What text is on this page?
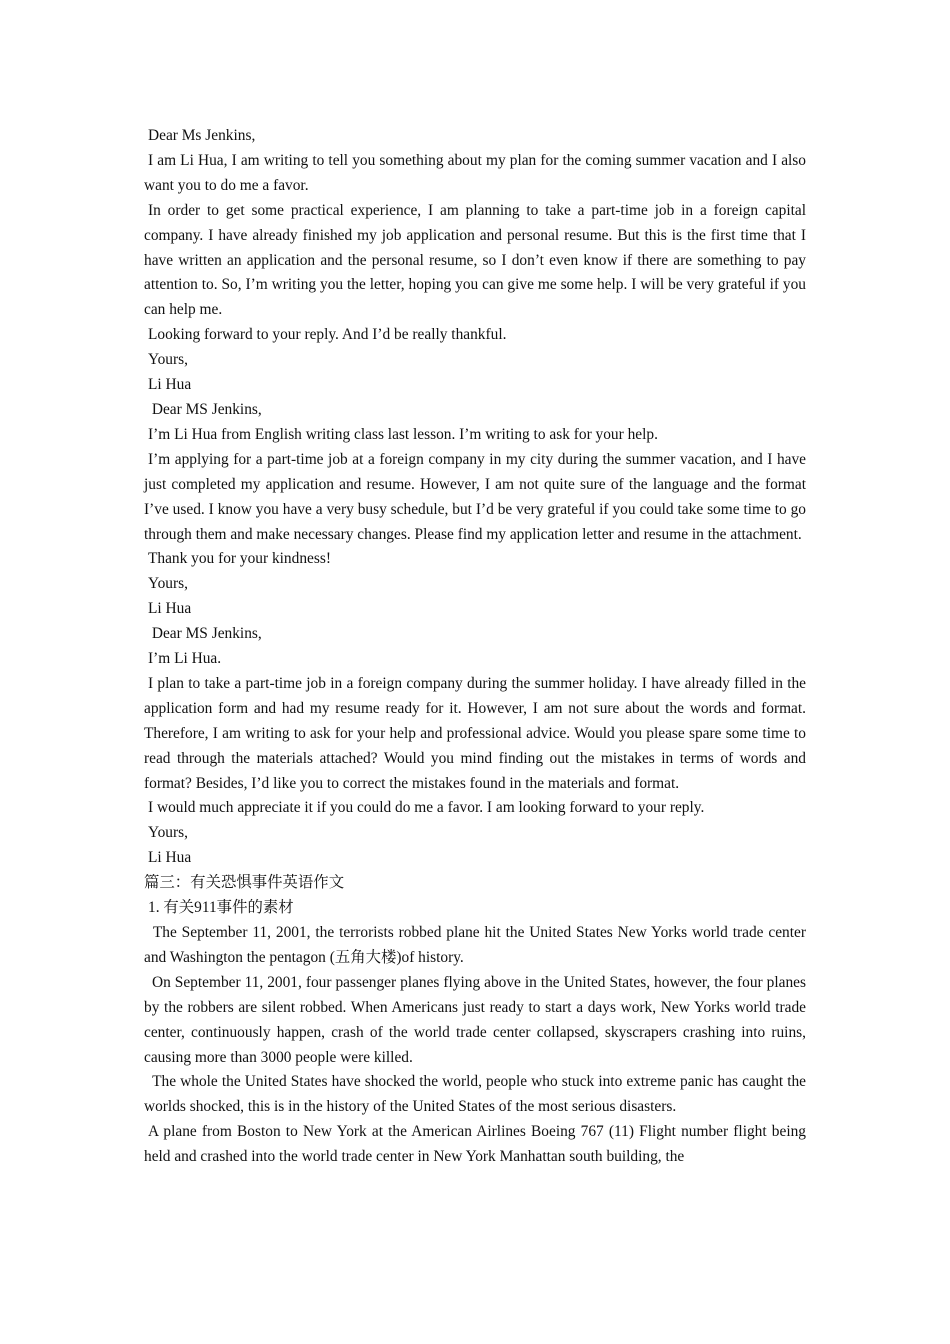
Dear Ms Jenkins,

I am Li Hua, I am writing to tell you something about my plan for the coming summer vacation and I also want you to do me a favor.

In order to get some practical experience, I am planning to take a part-time job in a foreign capital company. I have already finished my job application and personal resume. But this is the first time that I have written an application and the personal resume, so I don’t even know if there are something to pay attention to. So, I’m writing you the letter, hoping you can give me some help. I will be very grateful if you can help me.

Looking forward to your reply. And I’d be really thankful.

Yours,

Li Hua

Dear MS Jenkins,

I’m Li Hua from English writing class last lesson. I’m writing to ask for your help.

I’m applying for a part-time job at a foreign company in my city during the summer vacation, and I have just completed my application and resume. However, I am not quite sure of the language and the format I’ve used. I know you have a very busy schedule, but I’d be very grateful if you could take some time to go through them and make necessary changes. Please find my application letter and resume in the attachment.

Thank you for your kindness!

Yours,

Li Hua

Dear MS Jenkins,

I’m Li Hua.

I plan to take a part-time job in a foreign company during the summer holiday. I have already filled in the application form and had my resume ready for it. However, I am not sure about the words and format. Therefore, I am writing to ask for your help and professional advice. Would you please spare some time to read through the materials attached? Would you mind finding out the mistakes in terms of words and format? Besides, I’d like you to correct the mistakes found in the materials and format.

I would much appreciate it if you could do me a favor. I am looking forward to your reply.

Yours,

Li Hua

篇三：有关恐惧事件英语作文

1. 有关911事件的素材

The September 11, 2001, the terrorists robbed plane hit the United States New Yorks world trade center and Washington the pentagon (五角大楼)of history.

On September 11, 2001, four passenger planes flying above in the United States, however, the four planes by the robbers are silent robbed. When Americans just ready to start a days work, New Yorks world trade center, continuously happen, crash of the world trade center collapsed, skyscrapers crashing into ruins, causing more than 3000 people were killed.

The whole the United States have shocked the world, people who stuck into extreme panic has caught the worlds shocked, this is in the history of the United States of the most serious disasters.

A plane from Boston to New York at the American Airlines Boeing 767 (11) Flight number flight being held and crashed into the world trade center in New York Manhattan south building, the
